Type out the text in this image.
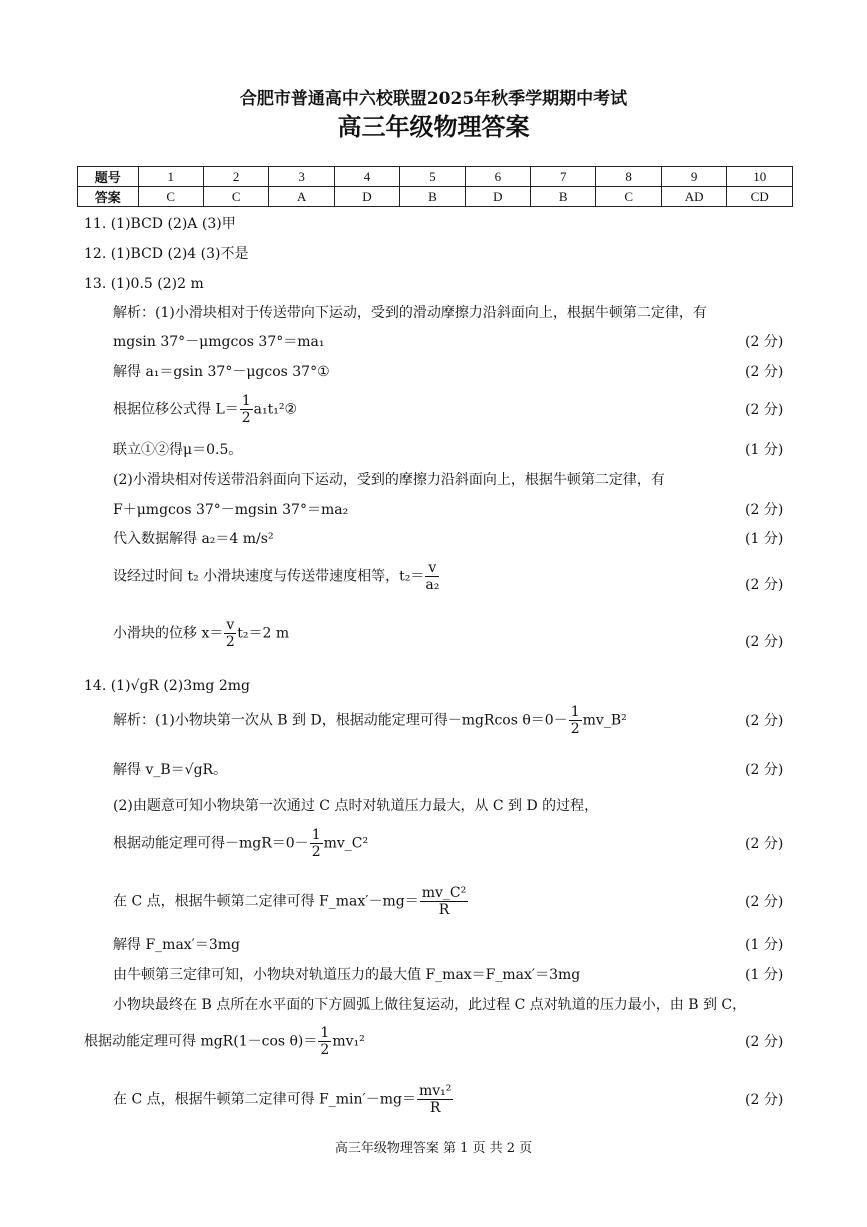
合肥市普通高中六校联盟2025年秋季学期期中考试
高三年级物理答案
题号	1	2	3	4	5	6	7	8	9	10
答案	C	C	A	D	B	D	B	C	AD	CD
11. (1)BCD (2)A (3)甲
12. (1)BCD (2)4 (3)不是
13. (1)0.5 (2)2 m
解析：(1)小滑块相对于传送带向下运动，受到的滑动摩擦力沿斜面向上，根据牛顿第二定律，有
mgsin 37°－μmgcos 37°＝ma₁	(2 分)
解得 a₁＝gsin 37°－μgcos 37°①	(2 分)
根据位移公式得 $L= \frac{1}{2}$ a₁t₁²②	(2 分)
联立①②得μ＝0.5。	(1 分)
(2)小滑块相对传送带沿斜面向下运动，受到的摩擦力沿斜面向上，根据牛顿第二定律，有
F＋μmgcos 37°－mgsin 37°＝ma₂	(2 分)
代入数据解得 a₂＝4 m/s²	(1 分)
设经过时间 t₂ 小滑块速度与传送带速度相等，$t_2= \frac{v}{\text{a₂}}$	(2 分)
小滑块的位移 $x= \frac{v}{2} t_2=2$ m
(2 分)
14. (1)√gR (2)3mg 2mg
解析：(1)小物块第一次从 B 到 D，根据动能定理可得－mgRcos $\theta=0- \frac{1}{2}$ mv_B²	(2 分)
解得 v_B＝√gR。	(2 分)
(2)由题意可知小物块第一次通过 C 点时对轨道压力最大，从 C 到 D 的过程，
根据动能定理可得$-mgR=0- \frac{1}{2}$ mv_C²	(2 分)
在 C 点，根据牛顿第二定律可得 F_max′－mg＝ $\frac{\text{mv\_C²}}{R}$	(2 分)
解得 F_max′＝3mg	(1 分)
由牛顿第三定律可知，小物块对轨道压力的最大值 F_max＝F_max′＝3mg	(1 分)
小物块最终在 B 点所在水平面的下方圆弧上做往复运动，此过程 C 点对轨道的压力最小，由 B 到 C，
根据动能定理可得 mgR(1－cos $\theta)= \frac{1}{2} mv_1^2$	(2 分)
在 C 点，根据牛顿第二定律可得 F_min′－mg＝ $\frac{\text{mv₁²}}{R}$	(2 分)
高三年级物理答案 第 1 页 共 2 页
